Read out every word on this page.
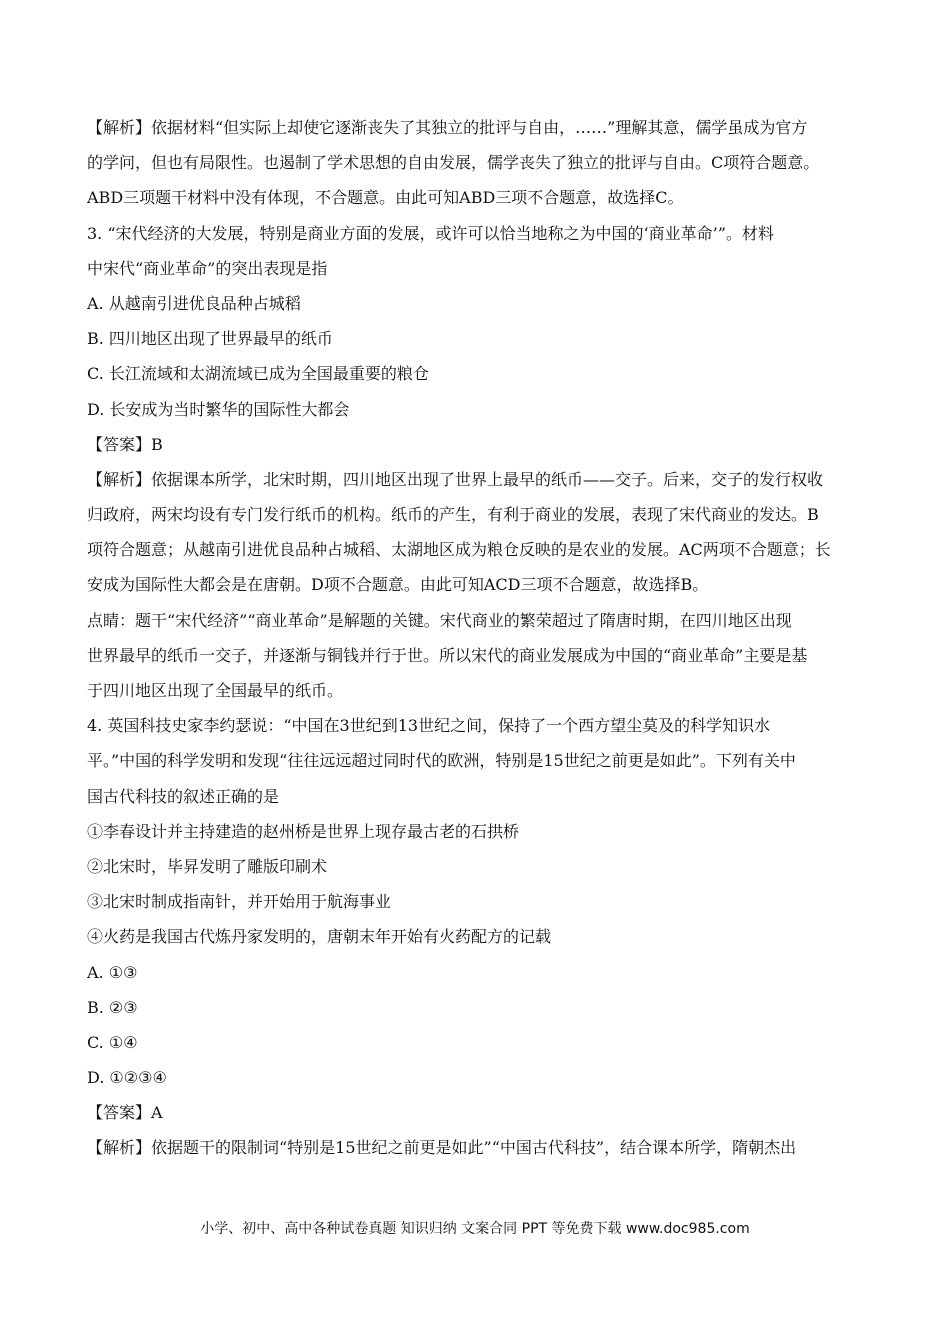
【解析】依据材料“但实际上却使它逐渐丧失了其独立的批评与自由，……”理解其意，儒学虽成为官方
的学问，但也有局限性。也遏制了学术思想的自由发展，儒学丧失了独立的批评与自由。C项符合题意。
ABD三项题干材料中没有体现，不合题意。由此可知ABD三项不合题意，故选择C。
3. “宋代经济的大发展，特别是商业方面的发展，或许可以恰当地称之为中国的‘商业革命’”。材料
中宋代“商业革命”的突出表现是指
A. 从越南引进优良品种占城稻
B. 四川地区出现了世界最早的纸币
C. 长江流域和太湖流域已成为全国最重要的粮仓
D. 长安成为当时繁华的国际性大都会
【答案】B
【解析】依据课本所学，北宋时期，四川地区出现了世界上最早的纸币——交子。后来，交子的发行权收
归政府，两宋均设有专门发行纸币的机构。纸币的产生，有利于商业的发展，表现了宋代商业的发达。B
项符合题意；从越南引进优良品种占城稻、太湖地区成为粮仓反映的是农业的发展。AC两项不合题意；长
安成为国际性大都会是在唐朝。D项不合题意。由此可知ACD三项不合题意，故选择B。
点睛：题干“宋代经济”“商业革命”是解题的关键。宋代商业的繁荣超过了隋唐时期，在四川地区出现
世界最早的纸币一交子，并逐渐与铜钱并行于世。所以宋代的商业发展成为中国的“商业革命”主要是基
于四川地区出现了全国最早的纸币。
4. 英国科技史家李约瑟说：“中国在3世纪到13世纪之间，保持了一个西方望尘莫及的科学知识水
平。”中国的科学发明和发现“往往远远超过同时代的欧洲，特别是15世纪之前更是如此”。下列有关中
国古代科技的叙述正确的是
①李春设计并主持建造的赵州桥是世界上现存最古老的石拱桥
②北宋时，毕昇发明了雕版印刷术
③北宋时制成指南针，并开始用于航海事业
④火药是我国古代炼丹家发明的，唐朝末年开始有火药配方的记载
A. ①③
B. ②③
C. ①④
D. ①②③④
【答案】A
【解析】依据题干的限制词“特别是15世纪之前更是如此”“中国古代科技”，结合课本所学，隋朝杰出
小学、初中、高中各种试卷真题 知识归纳 文案合同 PPT 等免费下载 www.doc985.com
